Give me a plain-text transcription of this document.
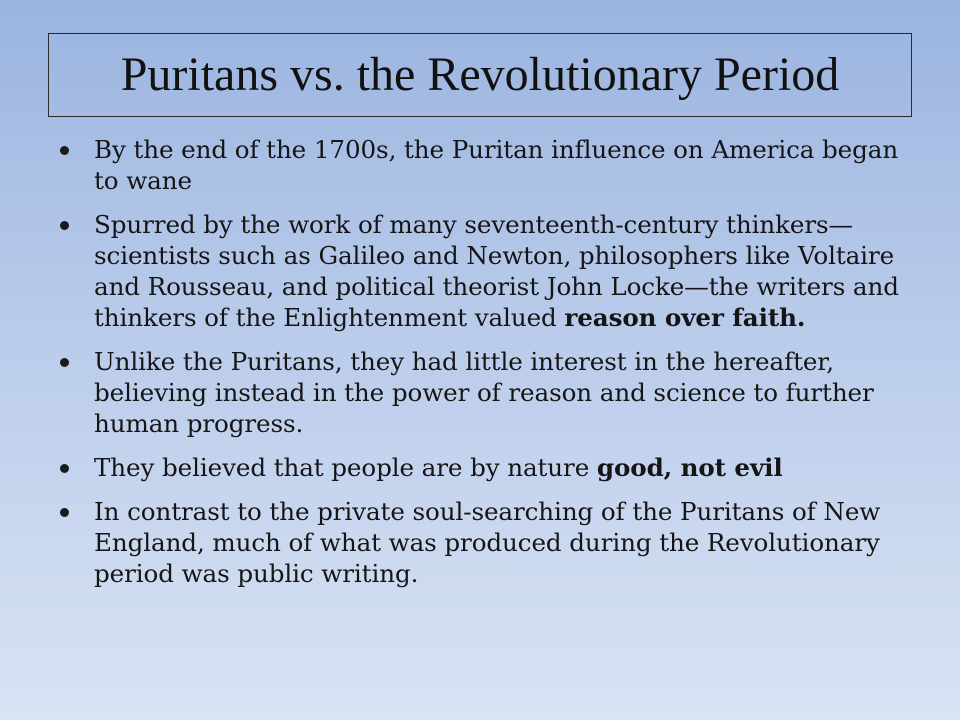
Puritans vs. the Revolutionary Period
By the end of the 1700s, the Puritan influence on America began to wane
Spurred by the work of many seventeenth-century thinkers—scientists such as Galileo and Newton, philosophers like Voltaire and Rousseau, and political theorist John Locke—the writers and thinkers of the Enlightenment valued reason over faith.
Unlike the Puritans, they had little interest in the hereafter, believing instead in the power of reason and science to further human progress.
They believed that people are by nature good, not evil
In contrast to the private soul-searching of the Puritans of New England, much of what was produced during the Revolutionary period was public writing.
